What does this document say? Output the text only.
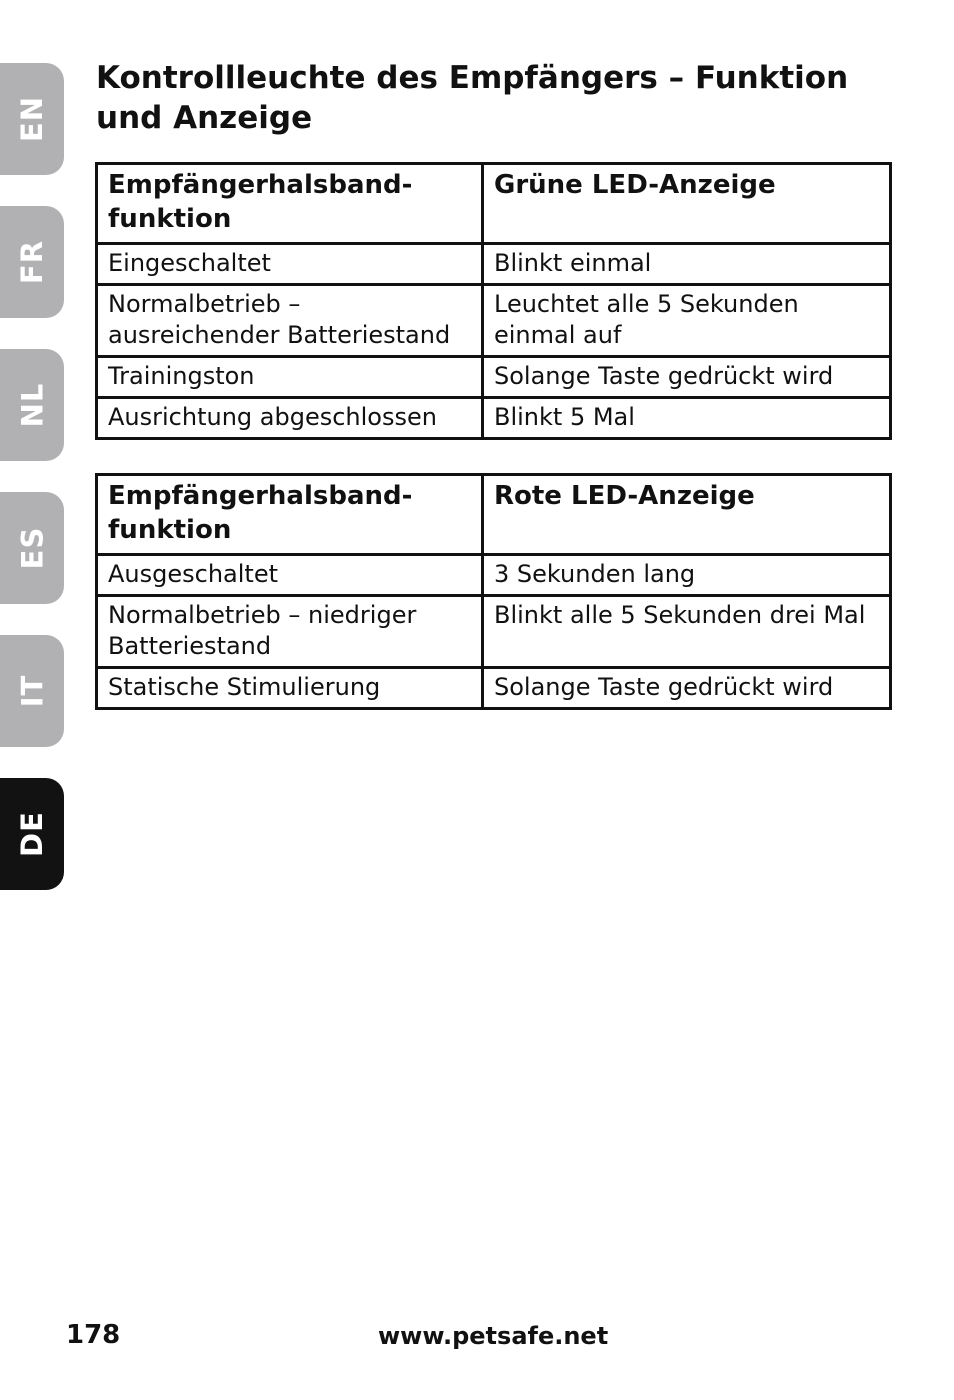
EN
FR
NL
ES
IT
DE
Kontrollleuchte des Empfängers – Funktion und Anzeige
Empfängerhalsband-
funktion	Grüne LED-Anzeige
Eingeschaltet	Blinkt einmal
Normalbetrieb –
ausreichender Batteriestand	Leuchtet alle 5 Sekunden
einmal auf
Trainingston	Solange Taste gedrückt wird
Ausrichtung abgeschlossen	Blinkt 5 Mal
Empfängerhalsband-
funktion	Rote LED-Anzeige
Ausgeschaltet	3 Sekunden lang
Normalbetrieb – niedriger
Batteriestand	Blinkt alle 5 Sekunden drei Mal
Statische Stimulierung	Solange Taste gedrückt wird
178	www.petsafe.net
